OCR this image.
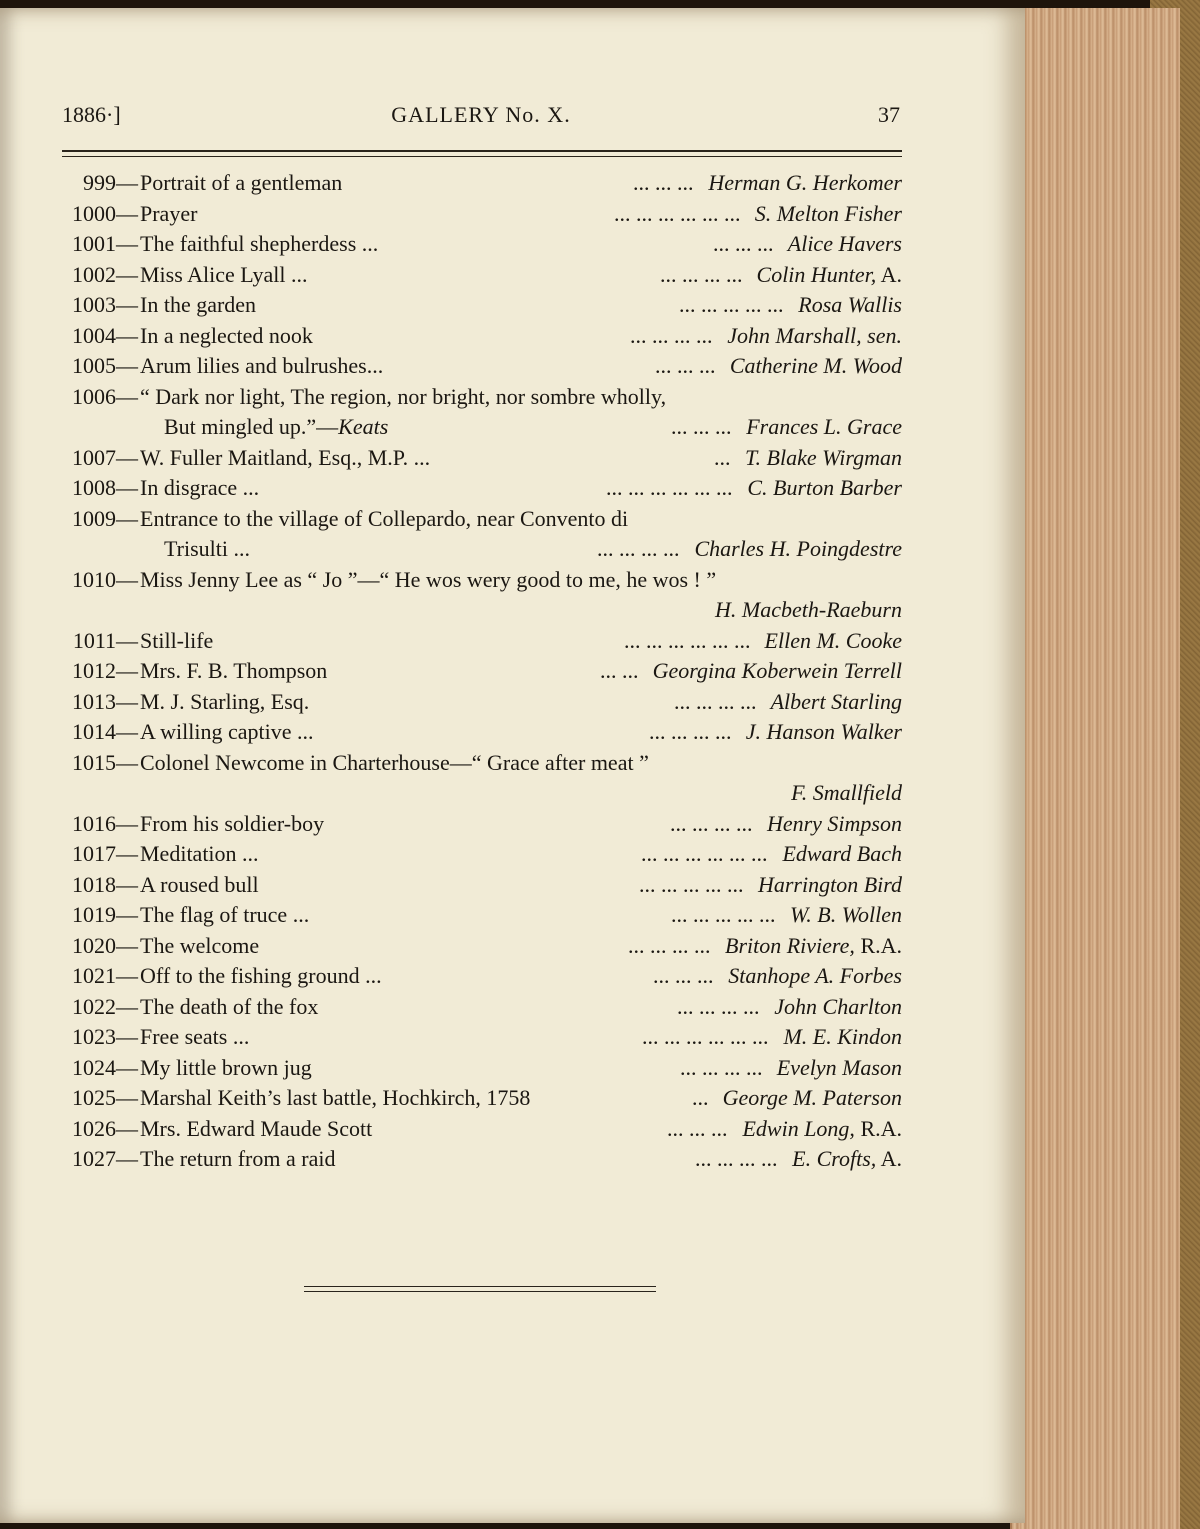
1886·]	GALLERY No. X.	37
999— Portrait of a gentleman	... ... ... Herman G. Herkomer
1000— Prayer	... ... ... ... ... ... S. Melton Fisher
1001— The faithful shepherdess ...	... ... ... Alice Havers
1002— Miss Alice Lyall ...	... ... ... ... Colin Hunter, A.
1003— In the garden	... ... ... ... ... Rosa Wallis
1004— In a neglected nook	... ... ... ... John Marshall, sen.
1005— Arum lilies and bulrushes...	... ... ... Catherine M. Wood
1006— “ Dark nor light, The region, nor bright, nor sombre wholly,
But mingled up.”—Keats	... ... ... Frances L. Grace
1007— W. Fuller Maitland, Esq., M.P. ...	... T. Blake Wirgman
1008— In disgrace ...	... ... ... ... ... ... C. Burton Barber
1009— Entrance to the village of Collepardo, near Convento di
Trisulti ...	... ... ... ... Charles H. Poingdestre
1010— Miss Jenny Lee as “ Jo ”—“ He wos wery good to me, he wos ! ”
H. Macbeth-Raeburn
1011— Still-life	... ... ... ... ... ... Ellen M. Cooke
1012— Mrs. F. B. Thompson	... ... Georgina Koberwein Terrell
1013— M. J. Starling, Esq.	... ... ... ... Albert Starling
1014— A willing captive ...	... ... ... ... J. Hanson Walker
1015— Colonel Newcome in Charterhouse—“ Grace after meat ”
F. Smallfield
1016— From his soldier-boy	... ... ... ... Henry Simpson
1017— Meditation ...	... ... ... ... ... ... Edward Bach
1018— A roused bull	... ... ... ... ... Harrington Bird
1019— The flag of truce ...	... ... ... ... ... W. B. Wollen
1020— The welcome	... ... ... ... Briton Riviere, R.A.
1021— Off to the fishing ground ...	... ... ... Stanhope A. Forbes
1022— The death of the fox	... ... ... ... John Charlton
1023— Free seats ...	... ... ... ... ... ... M. E. Kindon
1024— My little brown jug	... ... ... ... Evelyn Mason
1025— Marshal Keith’s last battle, Hochkirch, 1758	... George M. Paterson
1026— Mrs. Edward Maude Scott	... ... ... Edwin Long, R.A.
1027— The return from a raid	... ... ... ... E. Crofts, A.
